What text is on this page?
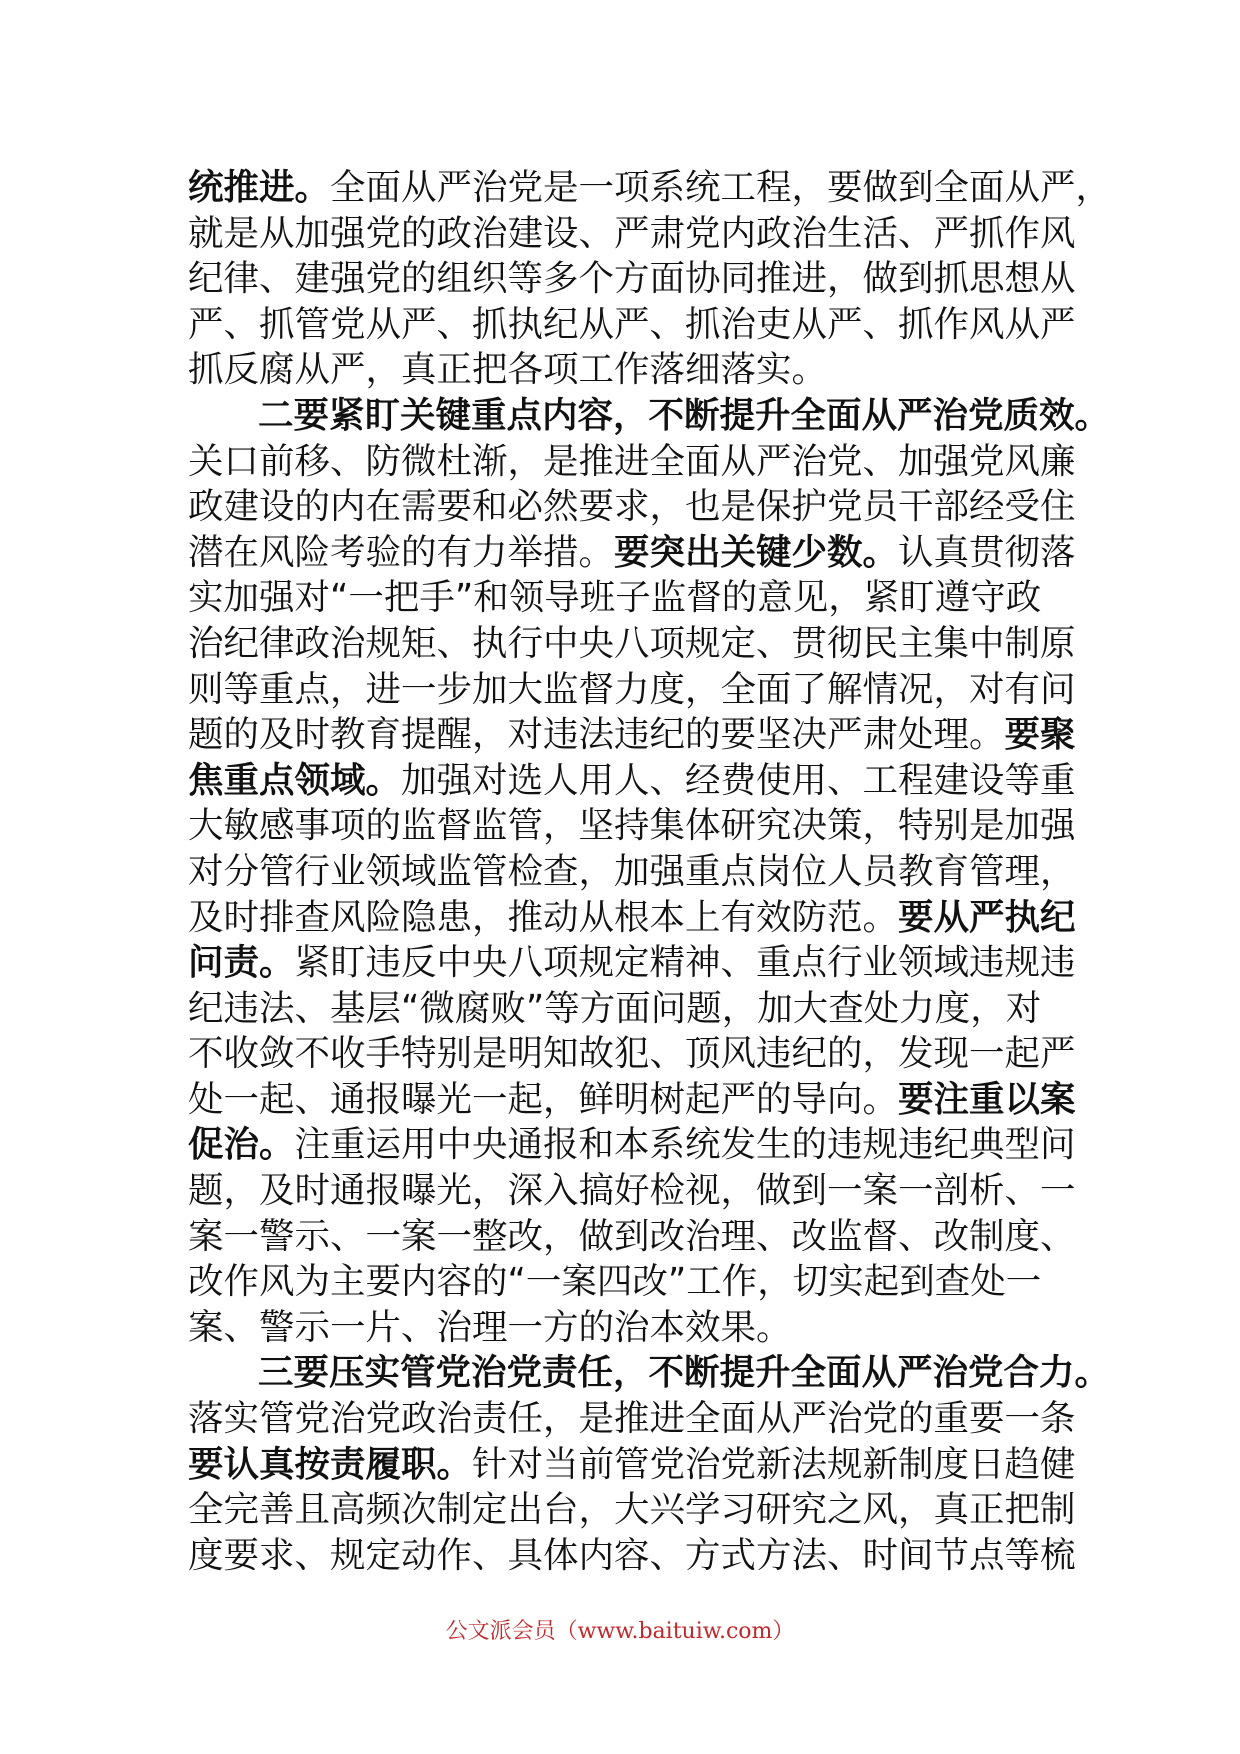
统推进。全面从严治党是一项系统工程，要做到全面从严，
就是从加强党的政治建设、严肃党内政治生活、严抓作风
纪律、建强党的组织等多个方面协同推进，做到抓思想从
严、抓管党从严、抓执纪从严、抓治吏从严、抓作风从严
抓反腐从严，真正把各项工作落细落实。
二要紧盯关键重点内容，不断提升全面从严治党质效。
关口前移、防微杜渐，是推进全面从严治党、加强党风廉
政建设的内在需要和必然要求，也是保护党员干部经受住
潜在风险考验的有力举措。要突出关键少数。认真贯彻落
实加强对“一把手”和领导班子监督的意见，紧盯遵守政
治纪律政治规矩、执行中央八项规定、贯彻民主集中制原
则等重点，进一步加大监督力度，全面了解情况，对有问
题的及时教育提醒，对违法违纪的要坚决严肃处理。要聚
焦重点领域。加强对选人用人、经费使用、工程建设等重
大敏感事项的监督监管，坚持集体研究决策，特别是加强
对分管行业领域监管检查，加强重点岗位人员教育管理，
及时排查风险隐患，推动从根本上有效防范。要从严执纪
问责。紧盯违反中央八项规定精神、重点行业领域违规违
纪违法、基层“微腐败”等方面问题，加大查处力度，对
不收敛不收手特别是明知故犯、顶风违纪的，发现一起严
处一起、通报曝光一起，鲜明树起严的导向。要注重以案
促治。注重运用中央通报和本系统发生的违规违纪典型问
题，及时通报曝光，深入搞好检视，做到一案一剖析、一
案一警示、一案一整改，做到改治理、改监督、改制度、
改作风为主要内容的“一案四改”工作，切实起到查处一
案、警示一片、治理一方的治本效果。
三要压实管党治党责任，不断提升全面从严治党合力。
落实管党治党政治责任，是推进全面从严治党的重要一条
要认真按责履职。针对当前管党治党新法规新制度日趋健
全完善且高频次制定出台，大兴学习研究之风，真正把制
度要求、规定动作、具体内容、方式方法、时间节点等梳
公文派会员（www.baituiw.com）
